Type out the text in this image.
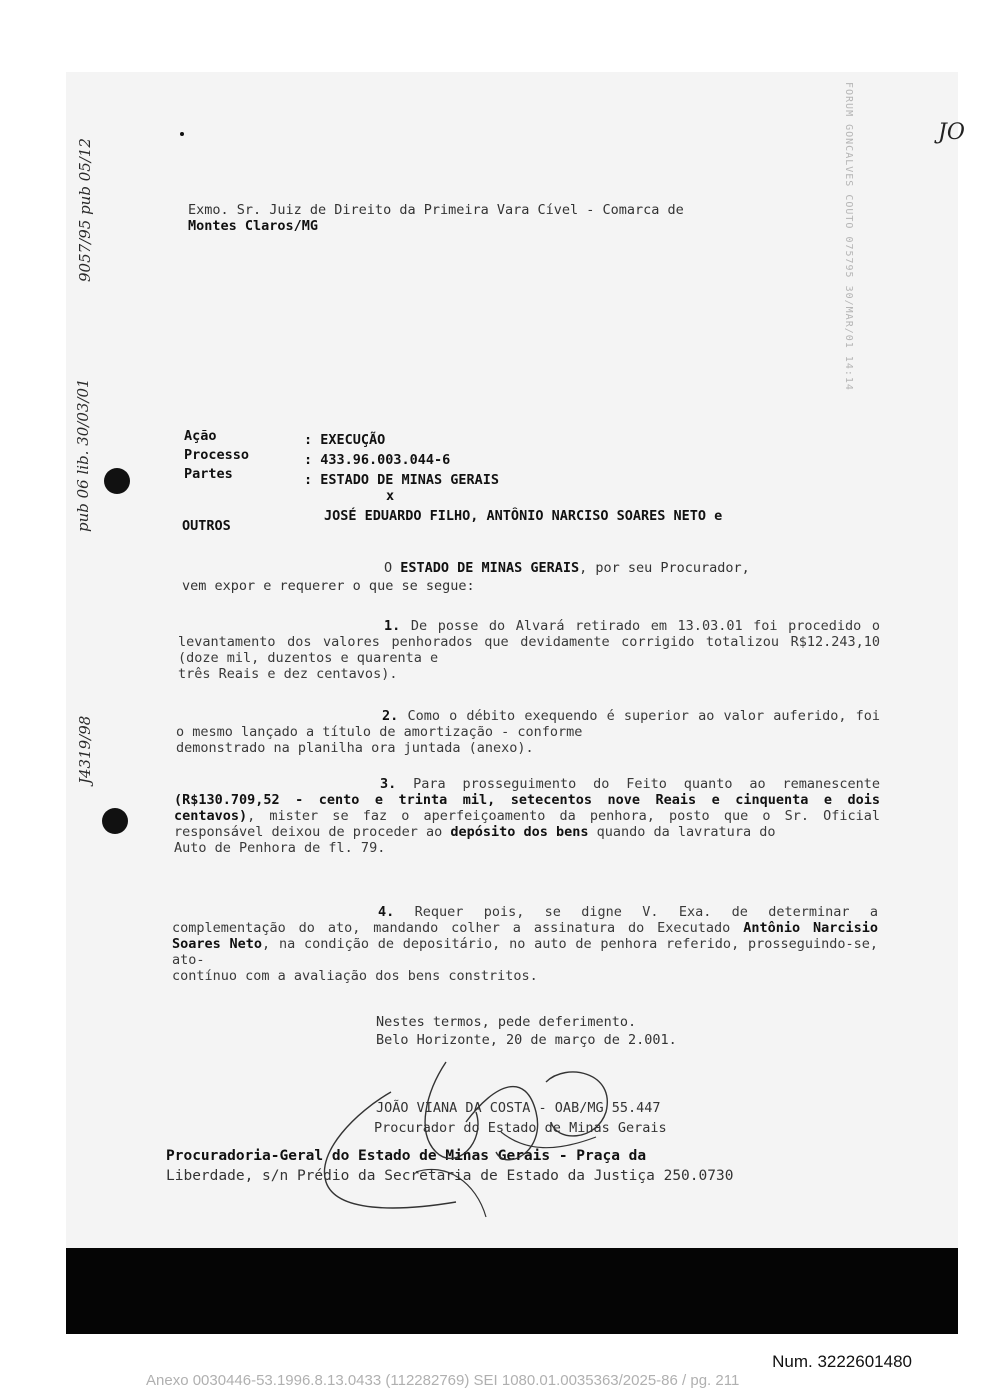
FORUM GONCALVES COUTO 075795 30/MAR/01 14:14	JO
9057/95 pub 05/12
pub 06 lib. 30/03/01
J4319/98
Exmo. Sr. Juiz de Direito da Primeira Vara Cível - Comarca de
Montes Claros/MG
Ação	: EXECUÇÃO
Processo	: 433.96.003.044-6
Partes	: ESTADO DE MINAS GERAIS
x
JOSÉ EDUARDO FILHO, ANTÔNIO NARCISO SOARES NETO e
OUTROS
O ESTADO DE MINAS GERAIS, por seu Procurador,
vem expor e requerer o que se segue:
1. De posse do Alvará retirado em 13.03.01 foi procedido o levantamento dos valores penhorados que devidamente corrigido totalizou R$12.243,10 (doze mil, duzentos e quarenta e
três Reais e dez centavos).
2. Como o débito exequendo é superior ao valor auferido, foi o mesmo lançado a título de amortização - conforme
demonstrado na planilha ora juntada (anexo).
3. Para prosseguimento do Feito quanto ao remanescente (R$130.709,52 - cento e trinta mil, setecentos nove Reais e cinquenta e dois centavos), mister se faz o aperfeiçoamento da penhora, posto que o Sr. Oficial responsável deixou de proceder ao depósito dos bens quando da lavratura do
Auto de Penhora de fl. 79.
4. Requer pois, se digne V. Exa. de determinar a complementação do ato, mandando colher a assinatura do Executado Antônio Narcisio Soares Neto, na condição de depositário, no auto de penhora referido, prosseguindo-se, ato-
contínuo com a avaliação dos bens constritos.
Nestes termos, pede deferimento.
Belo Horizonte, 20 de março de 2.001.
JOÃO VIANA DA COSTA - OAB/MG 55.447
Procurador do Estado de Minas Gerais
Procuradoria-Geral do Estado de Minas Gerais - Praça da
Liberdade, s/n Prédio da Secretaria de Estado da Justiça 250.0730
Num. 3222601480
Anexo 0030446-53.1996.8.13.0433 (112282769) SEI 1080.01.0035363/2025-86 / pg. 211
